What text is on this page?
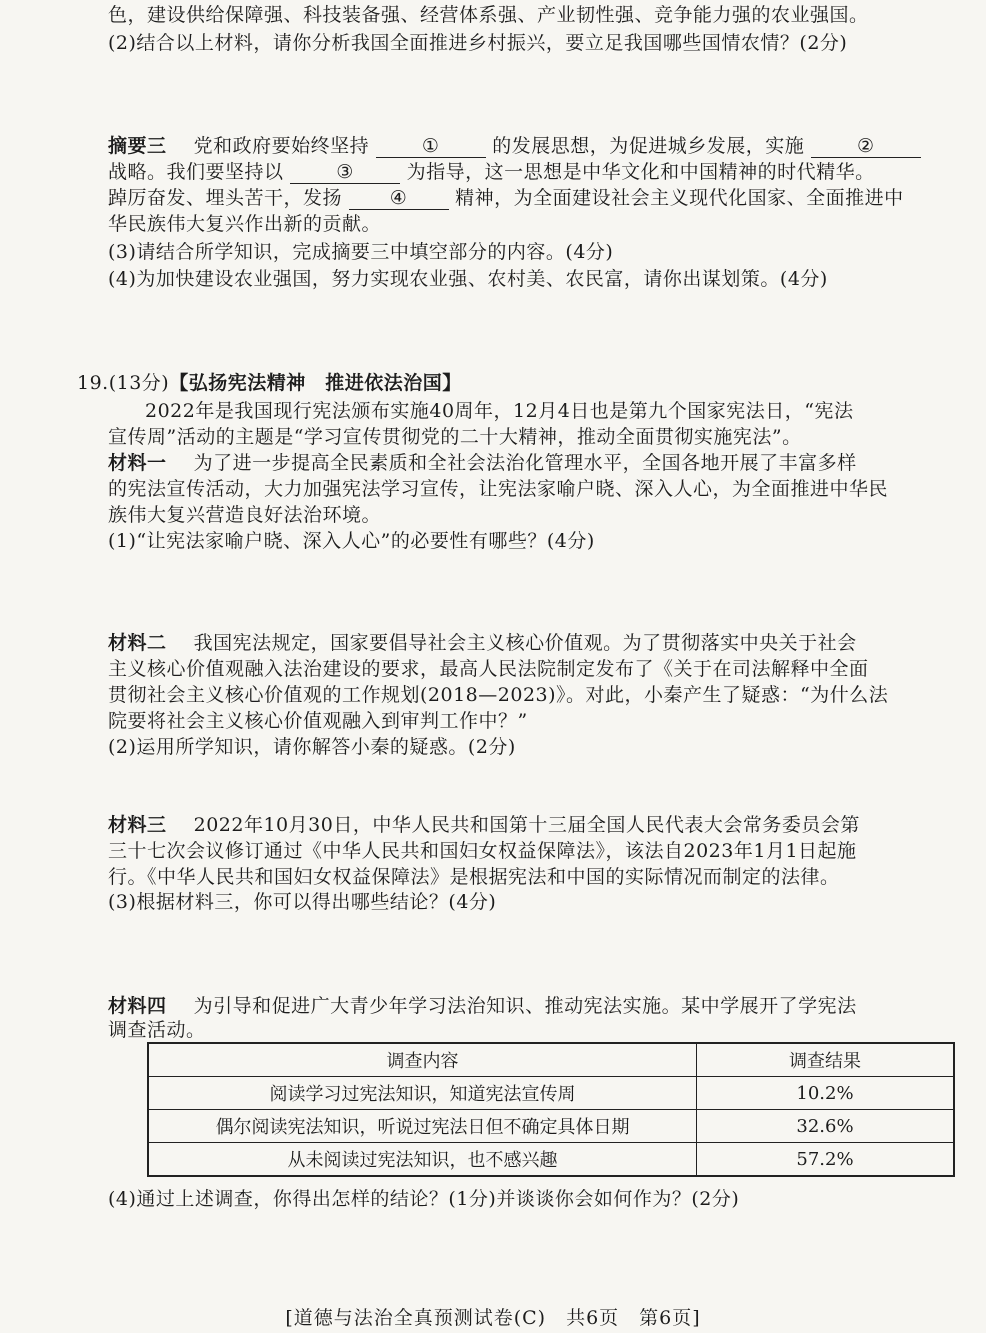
色，建设供给保障强、科技装备强、经营体系强、产业韧性强、竞争能力强的农业强国。
(2)结合以上材料，请你分析我国全面推进乡村振兴，要立足我国哪些国情农情？(2分)
摘要三 党和政府要始终坚持	①	的发展思想，为促进城乡发展，实施	②
战略。我们要坚持以	③	为指导，这一思想是中华文化和中国精神的时代精华。
踔厉奋发、埋头苦干，发扬	④	精神，为全面建设社会主义现代化国家、全面推进中
华民族伟大复兴作出新的贡献。
(3)请结合所学知识，完成摘要三中填空部分的内容。(4分)
(4)为加快建设农业强国，努力实现农业强、农村美、农民富，请你出谋划策。(4分)
19.(13分)【弘扬宪法精神　推进依法治国】
2022年是我国现行宪法颁布实施40周年，12月4日也是第九个国家宪法日，“宪法
宣传周”活动的主题是“学习宣传贯彻党的二十大精神，推动全面贯彻实施宪法”。
材料一 为了进一步提高全民素质和全社会法治化管理水平，全国各地开展了丰富多样
的宪法宣传活动，大力加强宪法学习宣传，让宪法家喻户晓、深入人心，为全面推进中华民
族伟大复兴营造良好法治环境。
(1)“让宪法家喻户晓、深入人心”的必要性有哪些？(4分)
材料二 我国宪法规定，国家要倡导社会主义核心价值观。为了贯彻落实中央关于社会
主义核心价值观融入法治建设的要求，最高人民法院制定发布了《关于在司法解释中全面
贯彻社会主义核心价值观的工作规划(2018—2023)》。对此，小秦产生了疑惑：“为什么法
院要将社会主义核心价值观融入到审判工作中？”
(2)运用所学知识，请你解答小秦的疑惑。(2分)
材料三 2022年10月30日，中华人民共和国第十三届全国人民代表大会常务委员会第
三十七次会议修订通过《中华人民共和国妇女权益保障法》，该法自2023年1月1日起施
行。《中华人民共和国妇女权益保障法》是根据宪法和中国的实际情况而制定的法律。
(3)根据材料三，你可以得出哪些结论？(4分)
材料四 为引导和促进广大青少年学习法治知识、推动宪法实施。某中学展开了学宪法
调查活动。
调查内容	调查结果
阅读学习过宪法知识，知道宪法宣传周	10.2%
偶尔阅读宪法知识，听说过宪法日但不确定具体日期	32.6%
从未阅读过宪法知识，也不感兴趣	57.2%
(4)通过上述调查，你得出怎样的结论？(1分)并谈谈你会如何作为？(2分)
[道德与法治全真预测试卷(C)　共6页　第6页]
